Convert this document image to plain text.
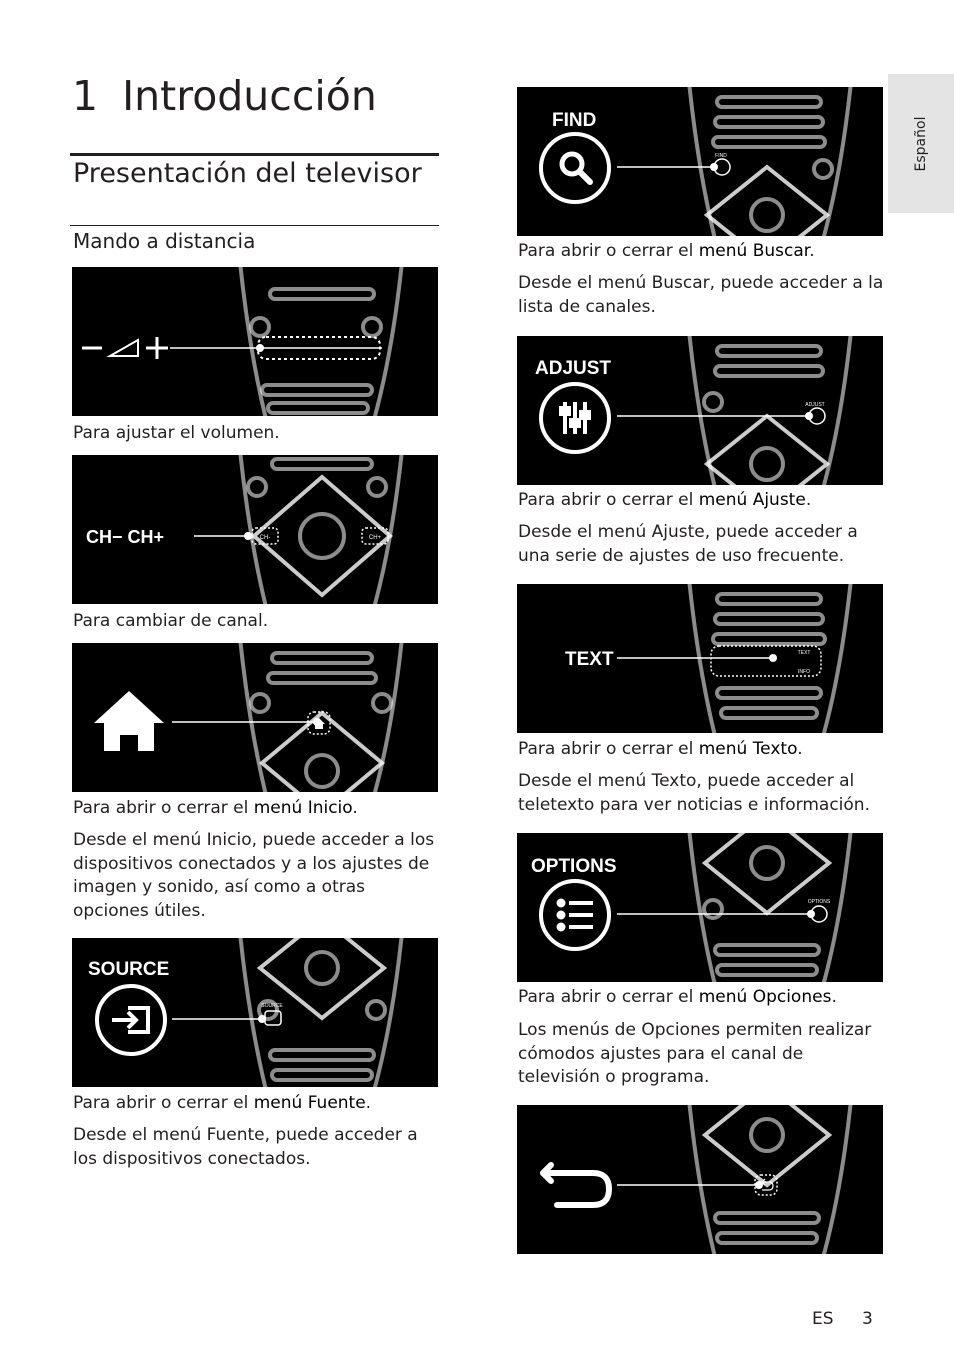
Español
1 Introducción
Presentación del televisor
Mando a distancia

Para ajustar el volumen.

CH-	CH+
CH− CH+

Para cambiar de canal.

Para abrir o cerrar el menú Inicio.

Desde el menú Inicio, puede acceder a los dispositivos conectados y a los ajustes de imagen y sonido, así como a otras opciones útiles.

SOURCE
SOURCE

Para abrir o cerrar el menú Fuente.

Desde el menú Fuente, puede acceder a los dispositivos conectados.

FIND
FIND

Para abrir o cerrar el menú Buscar.

Desde el menú Buscar, puede acceder a la lista de canales.

ADJUST
ADJUST

Para abrir o cerrar el menú Ajuste.

Desde el menú Ajuste, puede acceder a una serie de ajustes de uso frecuente.

TEXT
INFO
TEXT

Para abrir o cerrar el menú Texto.

Desde el menú Texto, puede acceder al teletexto para ver noticias e información.

OPTIONS
OPTIONS

Para abrir o cerrar el menú Opciones.

Los menús de Opciones permiten realizar cómodos ajustes para el canal de televisión o programa.

ES 3
